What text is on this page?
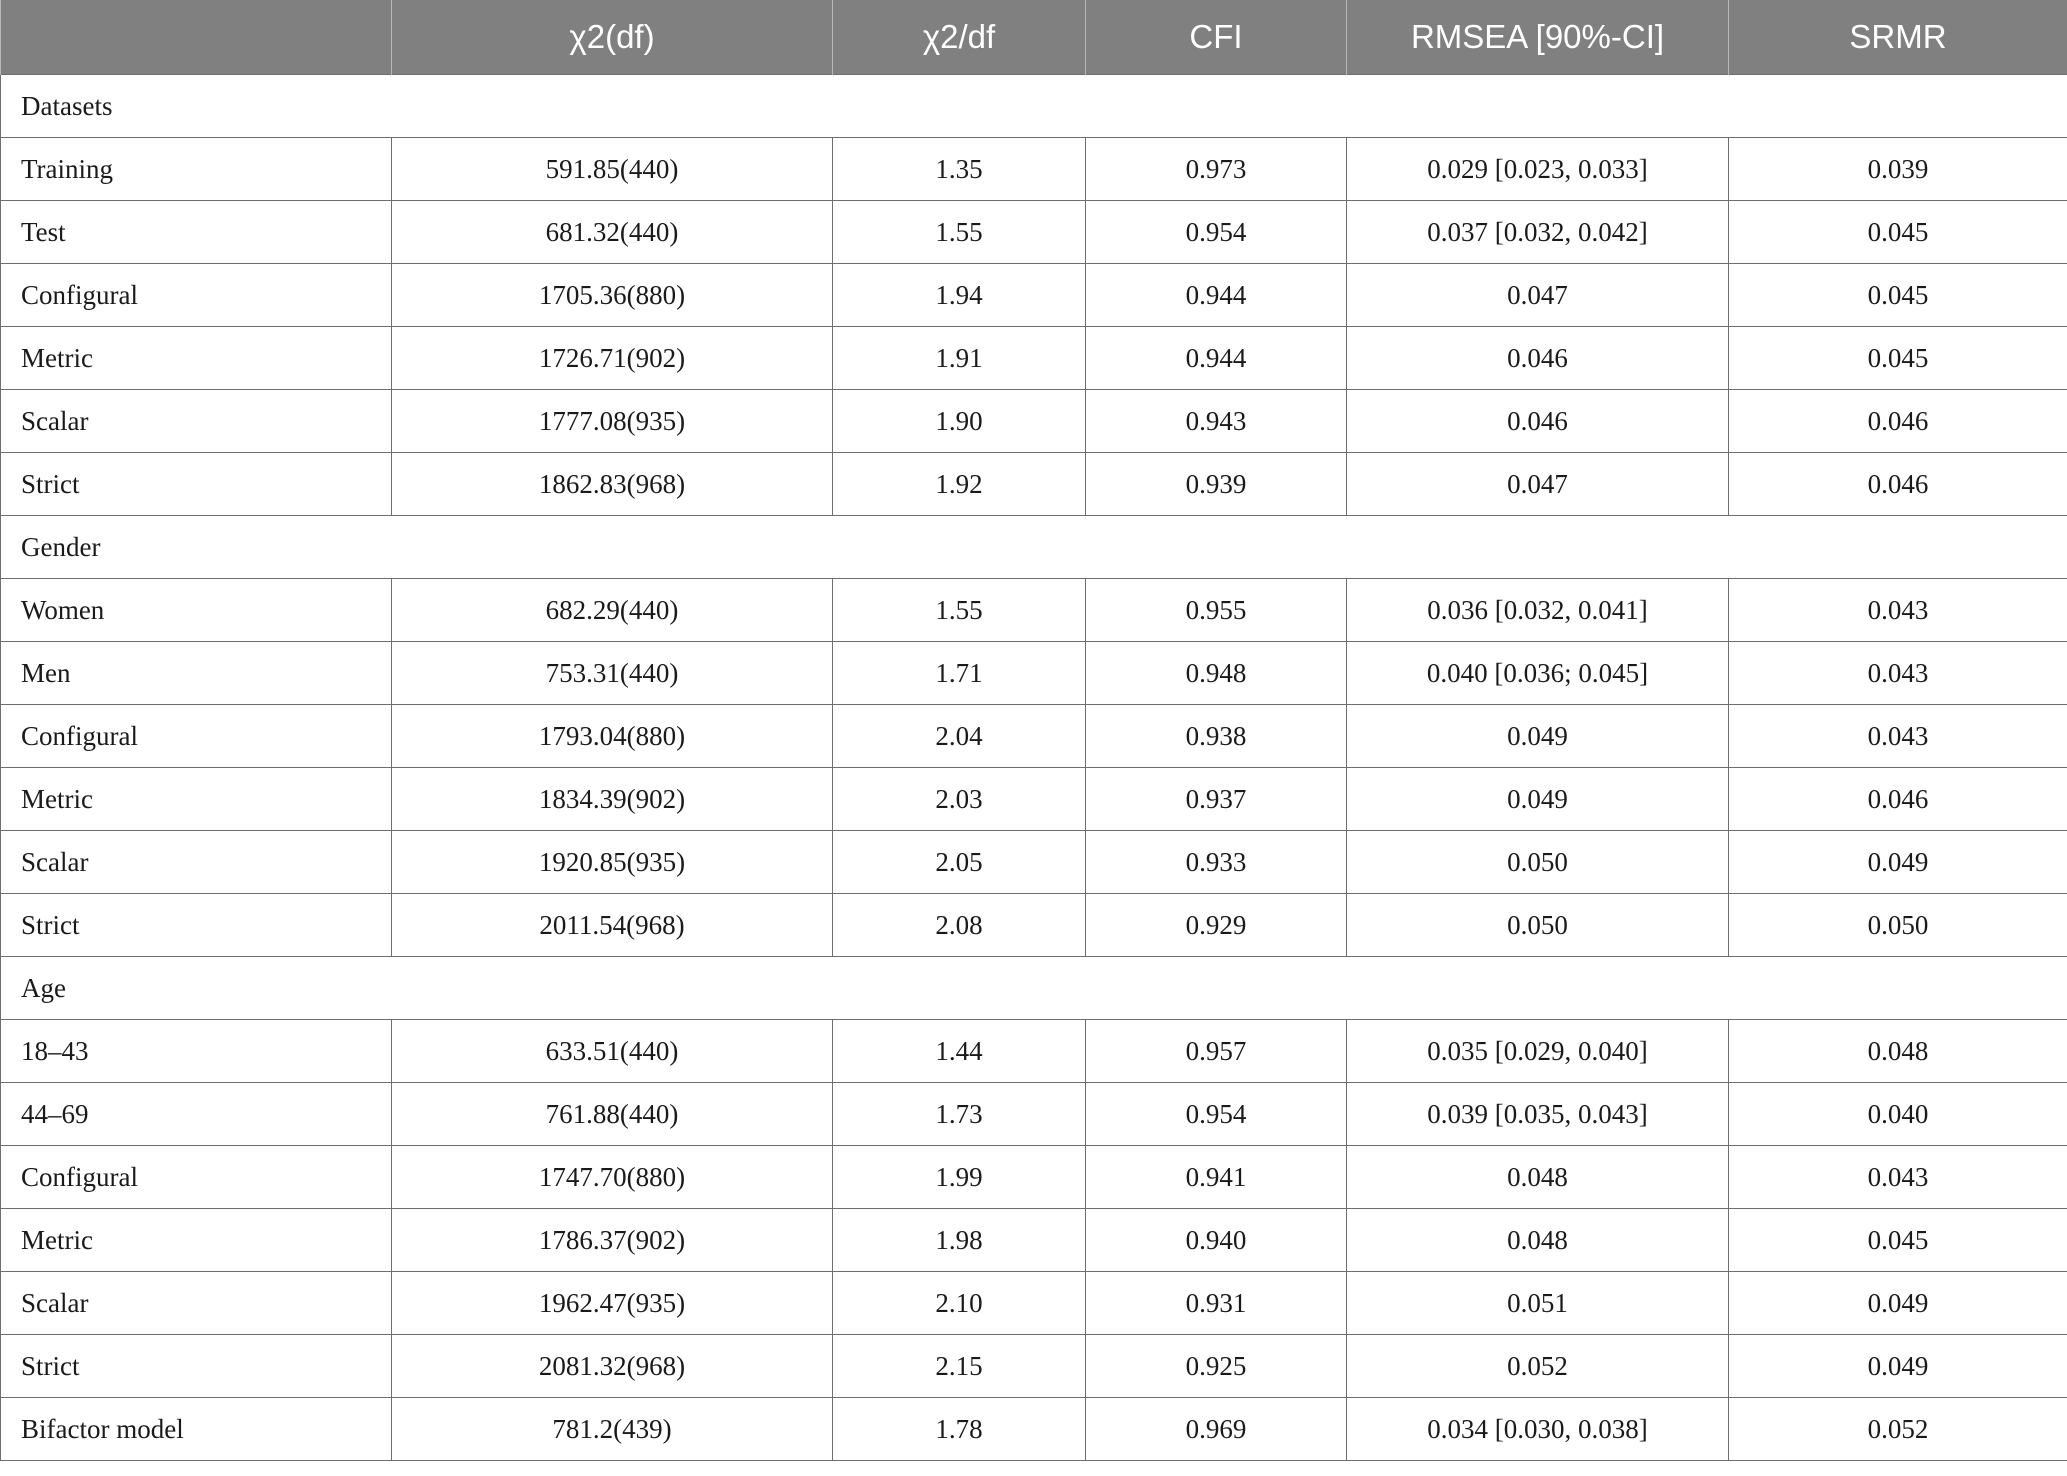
	χ2(df)	χ2/df	CFI	RMSEA [90%-CI]	SRMR
Datasets					
Training	591.85(440)	1.35	0.973	0.029 [0.023, 0.033]	0.039
Test	681.32(440)	1.55	0.954	0.037 [0.032, 0.042]	0.045
Configural	1705.36(880)	1.94	0.944	0.047	0.045
Metric	1726.71(902)	1.91	0.944	0.046	0.045
Scalar	1777.08(935)	1.90	0.943	0.046	0.046
Strict	1862.83(968)	1.92	0.939	0.047	0.046
Gender					
Women	682.29(440)	1.55	0.955	0.036 [0.032, 0.041]	0.043
Men	753.31(440)	1.71	0.948	0.040 [0.036; 0.045]	0.043
Configural	1793.04(880)	2.04	0.938	0.049	0.043
Metric	1834.39(902)	2.03	0.937	0.049	0.046
Scalar	1920.85(935)	2.05	0.933	0.050	0.049
Strict	2011.54(968)	2.08	0.929	0.050	0.050
Age					
18–43	633.51(440)	1.44	0.957	0.035 [0.029, 0.040]	0.048
44–69	761.88(440)	1.73	0.954	0.039 [0.035, 0.043]	0.040
Configural	1747.70(880)	1.99	0.941	0.048	0.043
Metric	1786.37(902)	1.98	0.940	0.048	0.045
Scalar	1962.47(935)	2.10	0.931	0.051	0.049
Strict	2081.32(968)	2.15	0.925	0.052	0.049
Bifactor model	781.2(439)	1.78	0.969	0.034 [0.030, 0.038]	0.052
